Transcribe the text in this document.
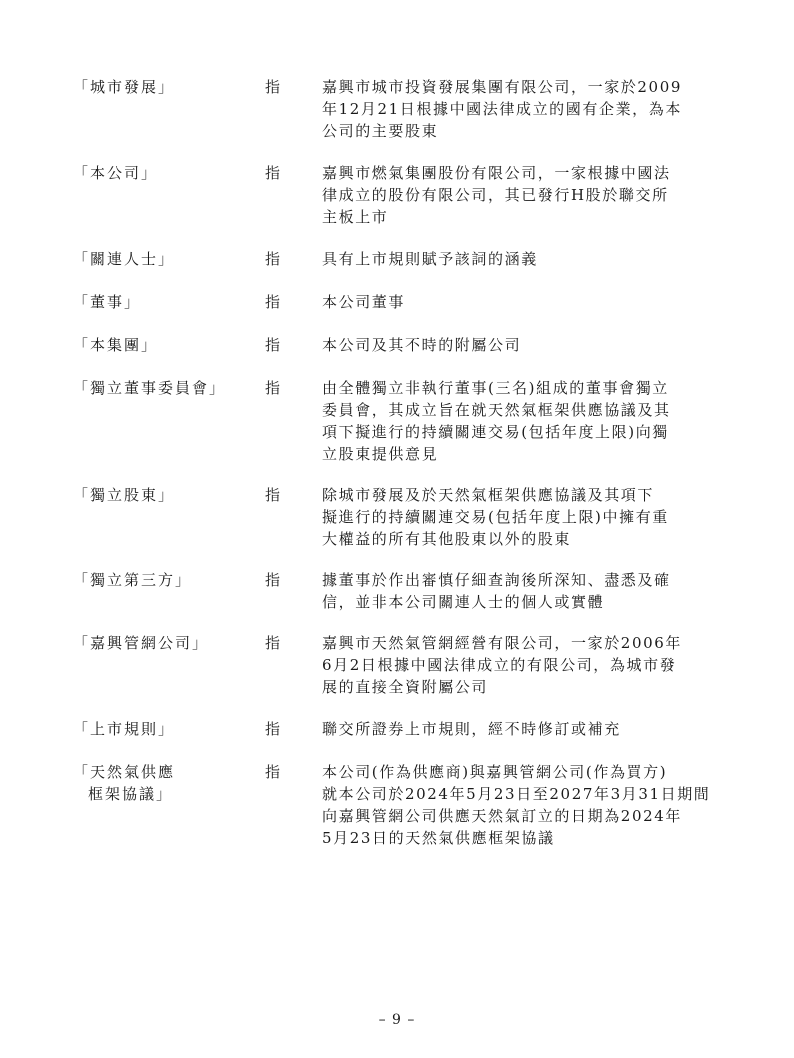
「城市發展」	指	嘉興市城市投資發展集團有限公司，一家於2009
年12月21日根據中國法律成立的國有企業，為本
公司的主要股東
「本公司」	指	嘉興市燃氣集團股份有限公司，一家根據中國法
律成立的股份有限公司，其已發行H股於聯交所
主板上市
「關連人士」	指	具有上市規則賦予該詞的涵義
「董事」	指	本公司董事
「本集團」	指	本公司及其不時的附屬公司
「獨立董事委員會」	指	由全體獨立非執行董事(三名)組成的董事會獨立
委員會，其成立旨在就天然氣框架供應協議及其
項下擬進行的持續關連交易(包括年度上限)向獨
立股東提供意見
「獨立股東」	指	除城市發展及於天然氣框架供應協議及其項下
擬進行的持續關連交易(包括年度上限)中擁有重
大權益的所有其他股東以外的股東
「獨立第三方」	指	據董事於作出審慎仔細查詢後所深知、盡悉及確
信，並非本公司關連人士的個人或實體
「嘉興管網公司」	指	嘉興市天然氣管網經營有限公司，一家於2006年
6月2日根據中國法律成立的有限公司，為城市發
展的直接全資附屬公司
「上市規則」	指	聯交所證券上市規則，經不時修訂或補充
「天然氣供應
框架協議」
指	本公司(作為供應商)與嘉興管網公司(作為買方)
就本公司於2024年5月23日至2027年3月31日期間
向嘉興管網公司供應天然氣訂立的日期為2024年
5月23日的天然氣供應框架協議
– 9 –
